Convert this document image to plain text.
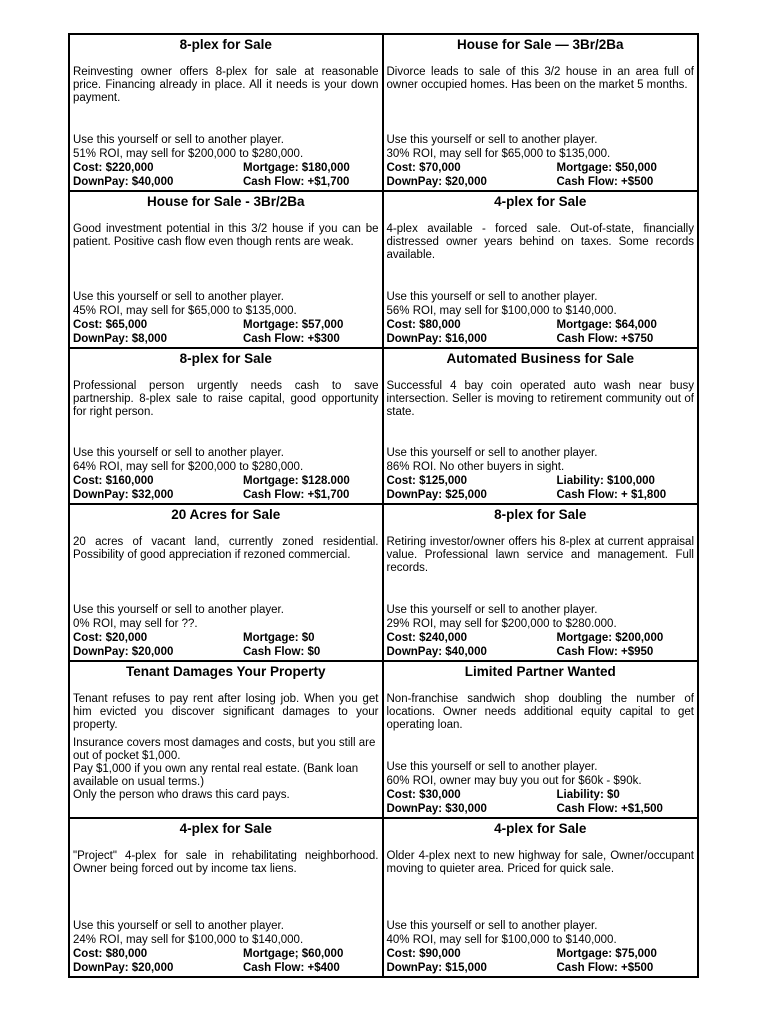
8-plex for Sale
Reinvesting owner offers 8-plex for sale at reasonable price. Financing already in place. All it needs is your down payment.
Use this yourself or sell to another player.
51% ROI, may sell for $200,000 to $280,000.
Cost: $220,000	Mortgage: $180,000
DownPay: $40,000	Cash Flow: +$1,700
House for Sale — 3Br/2Ba
Divorce leads to sale of this 3/2 house in an area full of owner occupied homes. Has been on the market 5 months.
Use this yourself or sell to another player.
30% ROI, may sell for $65,000 to $135,000.
Cost: $70,000	Mortgage: $50,000
DownPay: $20,000	Cash Flow: +$500
House for Sale - 3Br/2Ba
Good investment potential in this 3/2 house if you can be patient. Positive cash flow even though rents are weak.
Use this yourself or sell to another player.
45% ROI, may sell for $65,000 to $135,000.
Cost: $65,000	Mortgage: $57,000
DownPay: $8,000	Cash Flow: +$300
4-plex for Sale
4-plex available - forced sale. Out-of-state, financially distressed owner years behind on taxes. Some records available.
Use this yourself or sell to another player.
56% ROI, may sell for $100,000 to $140,000.
Cost: $80,000	Mortgage: $64,000
DownPay: $16,000	Cash Flow: +$750
8-plex for Sale
Professional person urgently needs cash to save partnership. 8-plex sale to raise capital, good opportunity for right person.
Use this yourself or sell to another player.
64% ROI, may sell for $200,000 to $280,000.
Cost: $160,000	Mortgage: $128.000
DownPay: $32,000	Cash Flow: +$1,700
Automated Business for Sale
Successful 4 bay coin operated auto wash near busy intersection. Seller is moving to retirement community out of state.
Use this yourself or sell to another player.
86% ROI. No other buyers in sight.
Cost: $125,000	Liability: $100,000
DownPay: $25,000	Cash Flow: + $1,800
20 Acres for Sale
20 acres of vacant land, currently zoned residential. Possibility of good appreciation if rezoned commercial.
Use this yourself or sell to another player.
0% ROI, may sell for ??.
Cost: $20,000	Mortgage: $0
DownPay: $20,000	Cash Flow: $0
8-plex for Sale
Retiring investor/owner offers his 8-plex at current appraisal value. Professional lawn service and management. Full records.
Use this yourself or sell to another player.
29% ROI, may sell for $200,000 to $280.000.
Cost: $240,000	Mortgage: $200,000
DownPay: $40,000	Cash Flow: +$950
Tenant Damages Your Property
Tenant refuses to pay rent after losing job. When you get him evicted you discover significant damages to your property.
Insurance covers most damages and costs, but you still are out of pocket $1,000.
Pay $1,000 if you own any rental real estate. (Bank loan available on usual terms.)
Only the person who draws this card pays.
Limited Partner Wanted
Non-franchise sandwich shop doubling the number of locations. Owner needs additional equity capital to get operating loan.
Use this yourself or sell to another player.
60% ROI, owner may buy you out for $60k - $90k.
Cost: $30,000	Liability: $0
DownPay: $30,000	Cash Flow: +$1,500
4-plex for Sale
"Project" 4-plex for sale in rehabilitating neighborhood. Owner being forced out by income tax liens.
Use this yourself or sell to another player.
24% ROI, may sell for $100,000 to $140,000.
Cost: $80,000	Mortgage; $60,000
DownPay: $20,000	Cash Flow: +$400
4-plex for Sale
Older 4-plex next to new highway for sale, Owner/occupant moving to quieter area. Priced for quick sale.
Use this yourself or sell to another player.
40% ROI, may sell for $100,000 to $140,000.
Cost: $90,000	Mortgage: $75,000
DownPay: $15,000	Cash Flow: +$500
